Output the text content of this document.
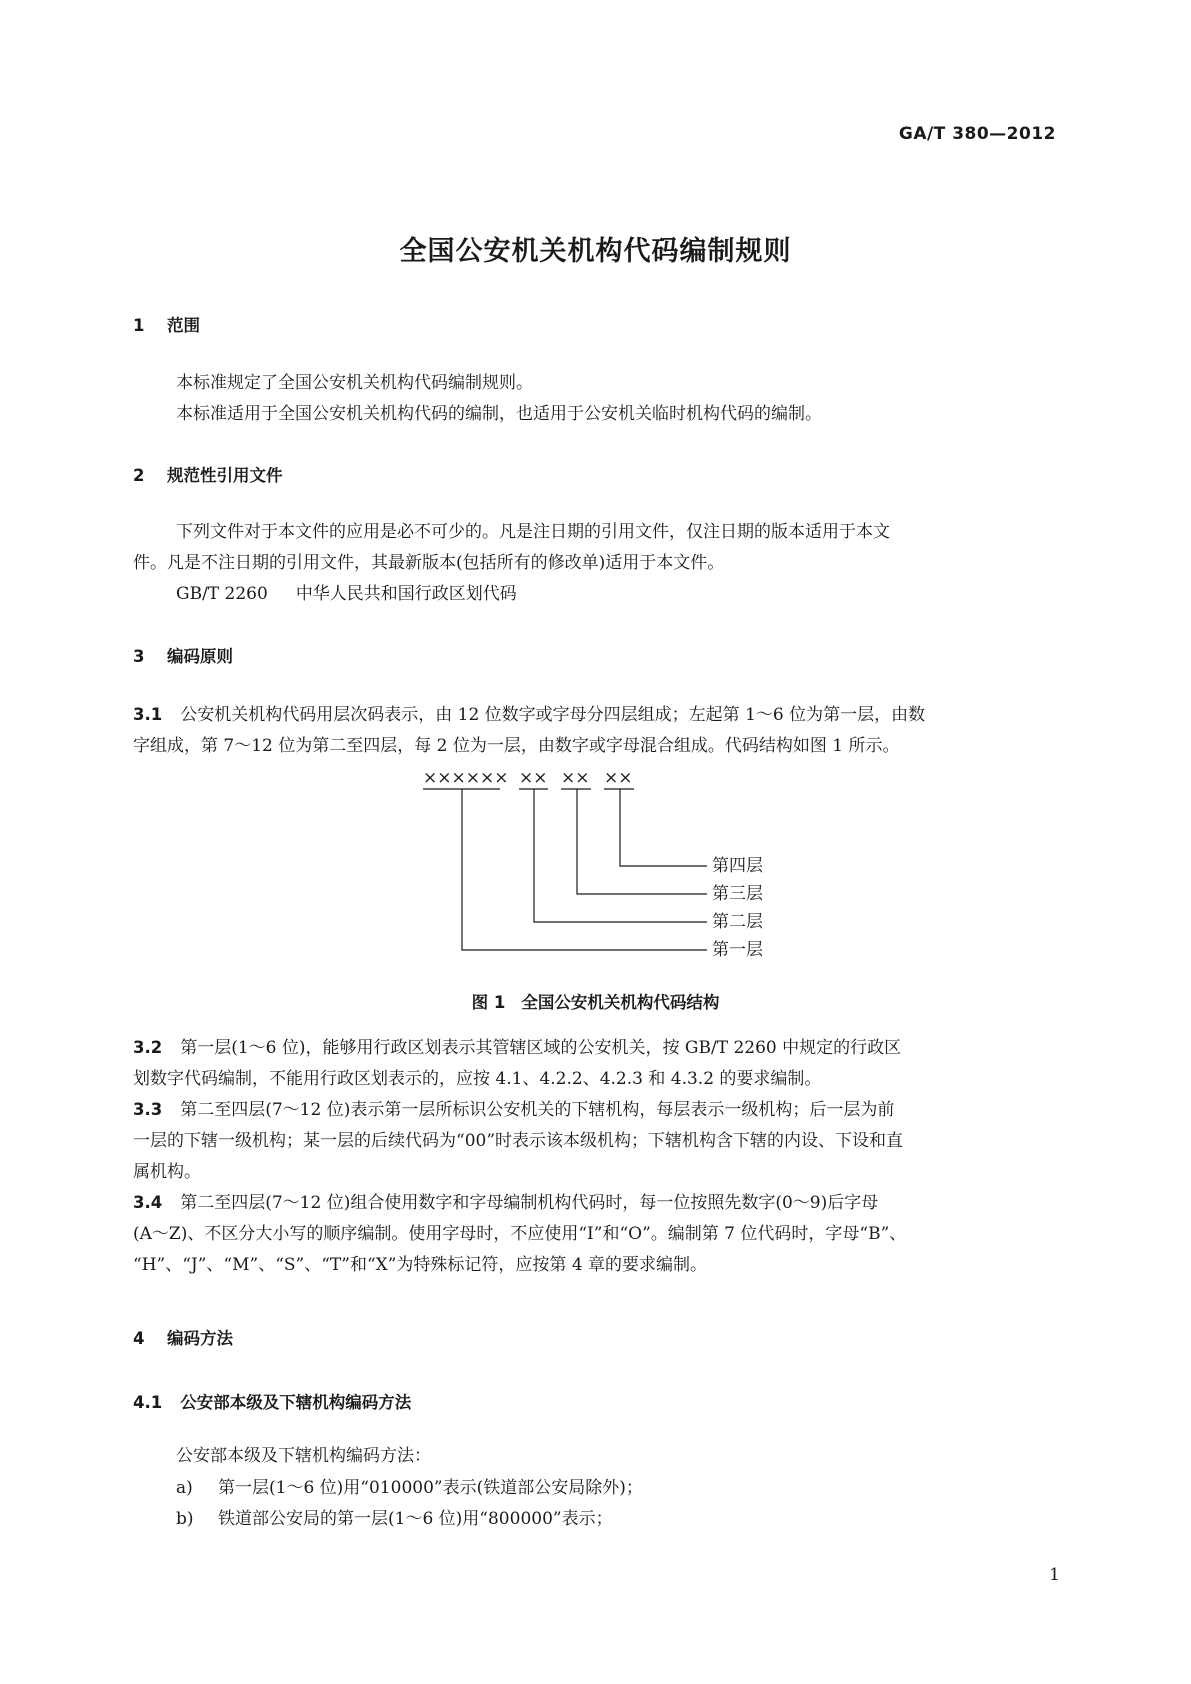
GA/T 380—2012
全国公安机关机构代码编制规则
1 范围
本标准规定了全国公安机关机构代码编制规则。
本标准适用于全国公安机关机构代码的编制，也适用于公安机关临时机构代码的编制。
2 规范性引用文件
下列文件对于本文件的应用是必不可少的。凡是注日期的引用文件，仅注日期的版本适用于本文
件。凡是不注日期的引用文件，其最新版本(包括所有的修改单)适用于本文件。
GB/T 2260 中华人民共和国行政区划代码
3 编码原则
3.1 公安机关机构代码用层次码表示，由 12 位数字或字母分四层组成；左起第 1～6 位为第一层，由数
字组成，第 7～12 位为第二至四层，每 2 位为一层，由数字或字母混合组成。代码结构如图 1 所示。
×××××× ×× ×× ××
第四层
第三层
第二层
第一层
图 1 全国公安机关机构代码结构
3.2 第一层(1～6 位)，能够用行政区划表示其管辖区域的公安机关，按 GB/T 2260 中规定的行政区
划数字代码编制，不能用行政区划表示的，应按 4.1、4.2.2、4.2.3 和 4.3.2 的要求编制。
3.3 第二至四层(7～12 位)表示第一层所标识公安机关的下辖机构，每层表示一级机构；后一层为前
一层的下辖一级机构；某一层的后续代码为“00”时表示该本级机构；下辖机构含下辖的内设、下设和直
属机构。
3.4 第二至四层(7～12 位)组合使用数字和字母编制机构代码时，每一位按照先数字(0～9)后字母
(A～Z)、不区分大小写的顺序编制。使用字母时，不应使用“I”和“O”。编制第 7 位代码时，字母“B”、
“H”、“J”、“M”、“S”、“T”和“X”为特殊标记符，应按第 4 章的要求编制。
4 编码方法
4.1 公安部本级及下辖机构编码方法
公安部本级及下辖机构编码方法：
a) 第一层(1～6 位)用“010000”表示(铁道部公安局除外)；
b) 铁道部公安局的第一层(1～6 位)用“800000”表示；
1
